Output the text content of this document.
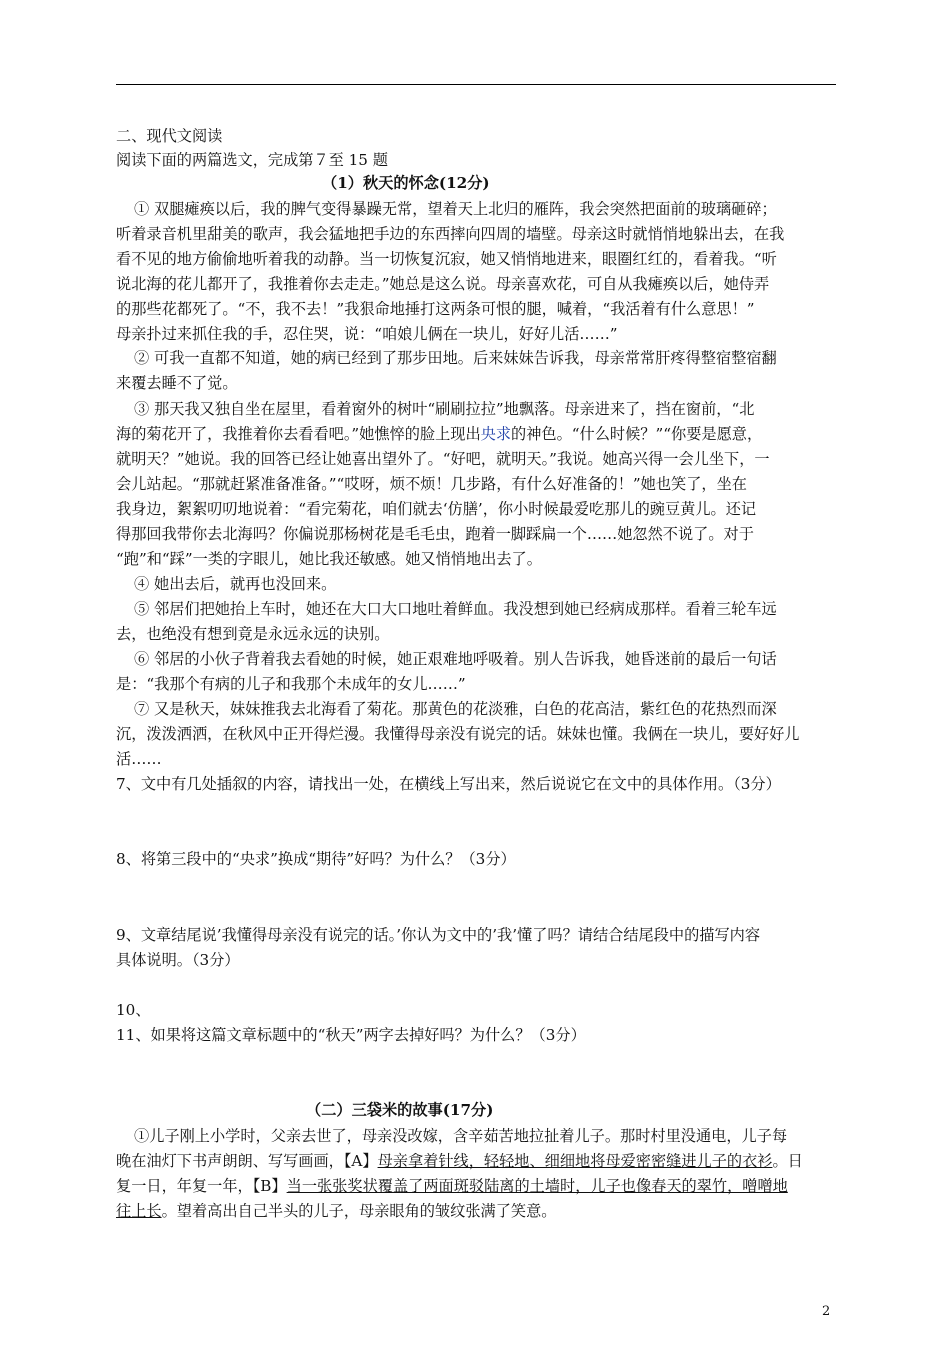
二、现代文阅读
阅读下面的两篇选文，完成第７至 15 题
（1）秋天的怀念(12分)
① 双腿瘫痪以后，我的脾气变得暴躁无常，望着天上北归的雁阵，我会突然把面前的玻璃砸碎；
听着录音机里甜美的歌声，我会猛地把手边的东西摔向四周的墙壁。母亲这时就悄悄地躲出去，在我
看不见的地方偷偷地听着我的动静。当一切恢复沉寂，她又悄悄地进来，眼圈红红的，看着我。“听
说北海的花儿都开了，我推着你去走走。”她总是这么说。母亲喜欢花，可自从我瘫痪以后，她侍弄
的那些花都死了。“不，我不去！”我狠命地捶打这两条可恨的腿，喊着，“我活着有什么意思！”
母亲扑过来抓住我的手，忍住哭，说：“咱娘儿俩在一块儿，好好儿活……”
② 可我一直都不知道，她的病已经到了那步田地。后来妹妹告诉我，母亲常常肝疼得整宿整宿翻
来覆去睡不了觉。
③ 那天我又独自坐在屋里，看着窗外的树叶“刷刷拉拉”地飘落。母亲进来了，挡在窗前，“北
海的菊花开了，我推着你去看看吧。”她憔悴的脸上现出央求的神色。“什么时候？”“你要是愿意，
就明天？”她说。我的回答已经让她喜出望外了。“好吧，就明天。”我说。她高兴得一会儿坐下，一
会儿站起。“那就赶紧准备准备。”“哎呀，烦不烦！几步路，有什么好准备的！”她也笑了，坐在
我身边，絮絮叨叨地说着：“看完菊花，咱们就去‘仿膳’，你小时候最爱吃那儿的豌豆黄儿。还记
得那回我带你去北海吗？你偏说那杨树花是毛毛虫，跑着一脚踩扁一个……她忽然不说了。对于
“跑”和“踩”一类的字眼儿，她比我还敏感。她又悄悄地出去了。
④ 她出去后，就再也没回来。
⑤ 邻居们把她抬上车时，她还在大口大口地吐着鲜血。我没想到她已经病成那样。看着三轮车远
去，也绝没有想到竟是永远永远的诀别。
⑥ 邻居的小伙子背着我去看她的时候，她正艰难地呼吸着。别人告诉我，她昏迷前的最后一句话
是：“我那个有病的儿子和我那个未成年的女儿……”
⑦ 又是秋天，妹妹推我去北海看了菊花。那黄色的花淡雅，白色的花高洁，紫红色的花热烈而深
沉，泼泼洒洒，在秋风中正开得烂漫。我懂得母亲没有说完的话。妹妹也懂。我俩在一块儿，要好好儿
活……
7、文中有几处插叙的内容，请找出一处，在横线上写出来，然后说说它在文中的具体作用。（3分）
8、将第三段中的“央求”换成“期待”好吗？为什么？（3分）
9、文章结尾说’我懂得母亲没有说完的话。’你认为文中的’我’懂了吗？请结合结尾段中的描写内容
具体说明。（3分）
10、
11、如果将这篇文章标题中的“秋天”两字去掉好吗？为什么？（3分）
（二）三袋米的故事(17分)
①儿子刚上小学时，父亲去世了，母亲没改嫁，含辛茹苦地拉扯着儿子。那时村里没通电，儿子每
晚在油灯下书声朗朗、写写画画，【A】母亲拿着针线，轻轻地、细细地将母爱密密缝进儿子的衣衫。日
复一日，年复一年，【B】当一张张奖状覆盖了两面斑驳陆离的土墙时，儿子也像春天的翠竹，噌噌地
往上长。望着高出自己半头的儿子，母亲眼角的皱纹张满了笑意。
2
